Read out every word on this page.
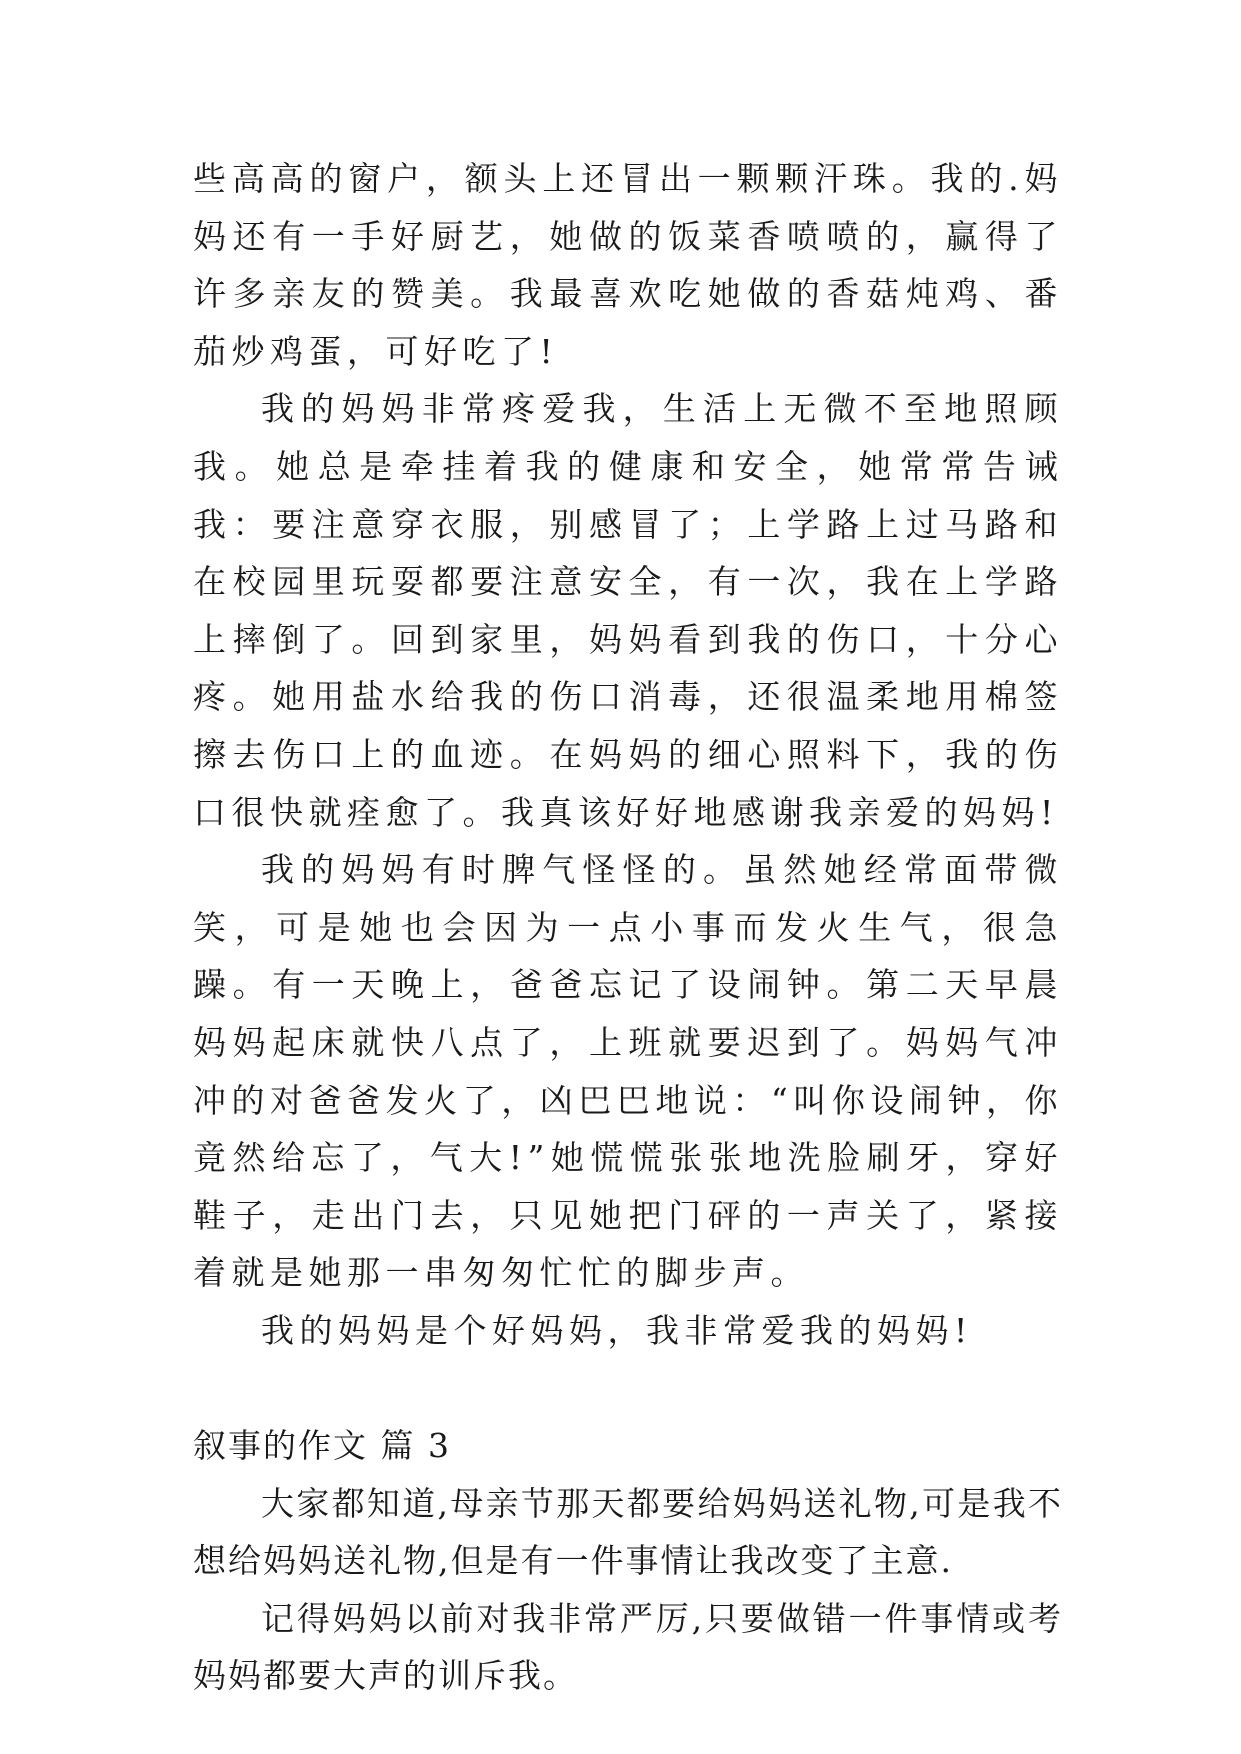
些高高的窗户，额头上还冒出一颗颗汗珠。我的.妈妈还有一手好厨艺，她做的饭菜香喷喷的，赢得了许多亲友的赞美。我最喜欢吃她做的香菇炖鸡、番茄炒鸡蛋，可好吃了!

我的妈妈非常疼爱我，生活上无微不至地照顾我。她总是牵挂着我的健康和安全，她常常告诫我：要注意穿衣服，别感冒了；上学路上过马路和在校园里玩耍都要注意安全，有一次，我在上学路上摔倒了。回到家里，妈妈看到我的伤口，十分心疼。她用盐水给我的伤口消毒，还很温柔地用棉签擦去伤口上的血迹。在妈妈的细心照料下，我的伤口很快就痊愈了。我真该好好地感谢我亲爱的妈妈!

我的妈妈有时脾气怪怪的。虽然她经常面带微笑，可是她也会因为一点小事而发火生气，很急躁。有一天晚上，爸爸忘记了设闹钟。第二天早晨妈妈起床就快八点了，上班就要迟到了。妈妈气冲冲的对爸爸发火了，凶巴巴地说：“叫你设闹钟，你竟然给忘了，气大!”她慌慌张张地洗脸刷牙，穿好鞋子，走出门去，只见她把门砰的一声关了，紧接着就是她那一串匆匆忙忙的脚步声。

我的妈妈是个好妈妈，我非常爱我的妈妈!

叙事的作文 篇 3

大家都知道,母亲节那天都要给妈妈送礼物,可是我不想给妈妈送礼物,但是有一件事情让我改变了主意.

记得妈妈以前对我非常严厉,只要做错一件事情或考妈妈都要大声的训斥我。
